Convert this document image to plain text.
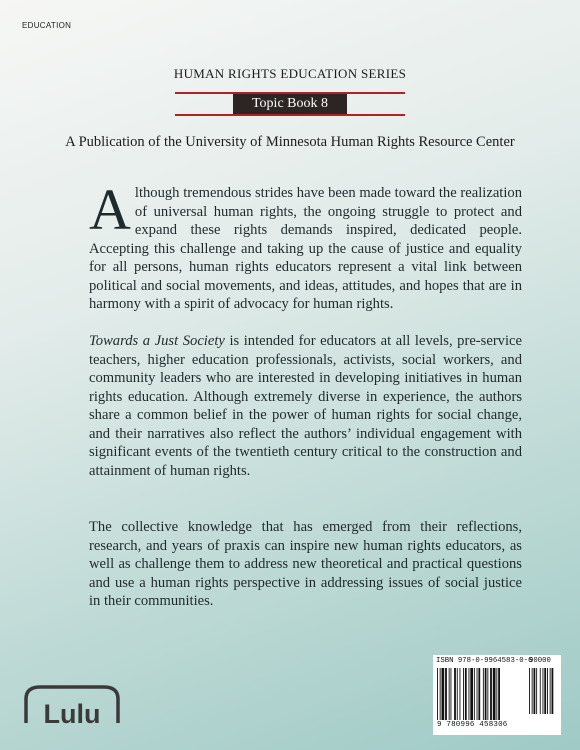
EDUCATION
HUMAN RIGHTS EDUCATION SERIES
Topic Book 8
A Publication of the University of Minnesota Human Rights Resource Center

Although tremendous strides have been made toward the realization of universal human rights, the ongoing struggle to protect and expand these rights demands inspired, dedicated people. Accepting this challenge and taking up the cause of justice and equality for all persons, human rights educators represent a vital link between political and social movements, and ideas, attitudes, and hopes that are in harmony with a spirit of advocacy for human rights.

Towards a Just Society is intended for educators at all levels, pre-service teachers, higher education professionals, activists, social workers, and community leaders who are interested in developing initiatives in human rights education. Although extremely diverse in experience, the authors share a common belief in the power of human rights for social change, and their narratives also reflect the authors’ individual engagement with significant events of the twentieth century critical to the construction and attainment of human rights.

The collective knowledge that has emerged from their reflections, research, and years of praxis can inspire new human rights educators, as well as challenge them to address new theoretical and practical questions and use a human rights perspective in addressing issues of social justice in their communities.

ISBN 978-0-9964583-0-6
90000
9 780996 458306
Lulu
